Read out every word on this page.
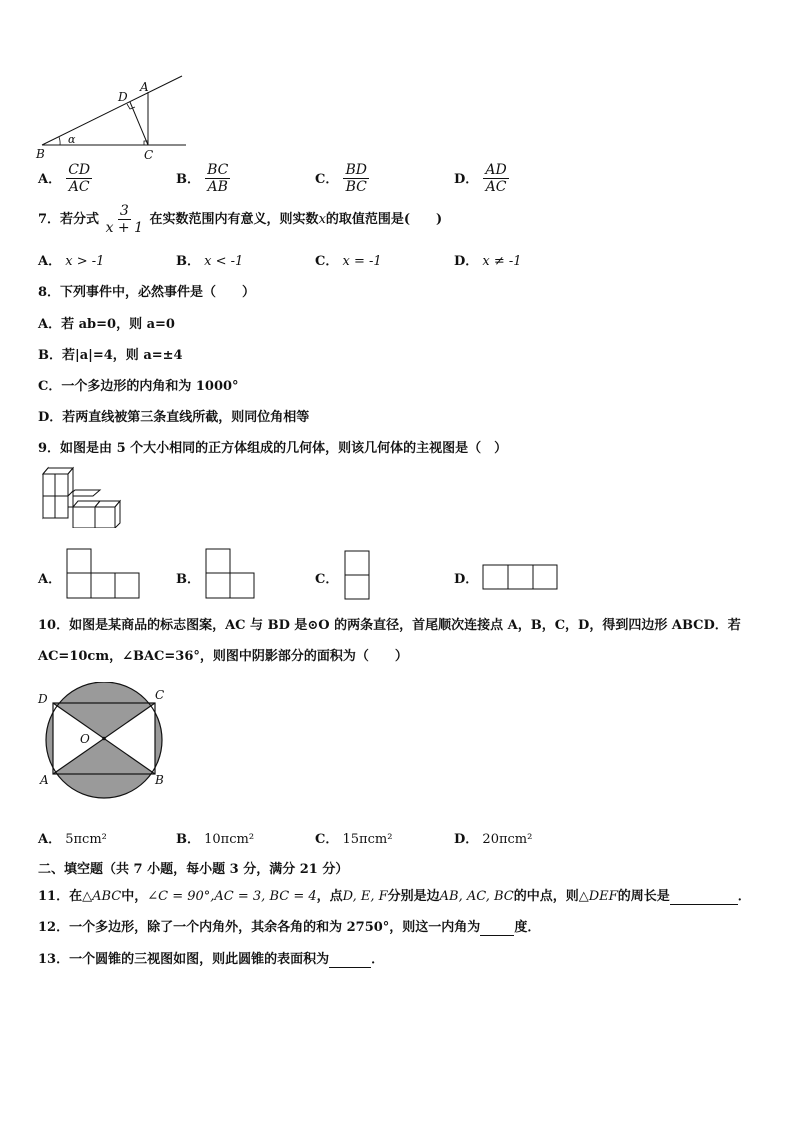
B	C
D
A
α
A． $\frac{CD}{AC}$	B． $\frac{BC}{AB}$	C． $\frac{BD}{BC}$	D． $\frac{AD}{AC}$
7．若分式 $\frac{3}{x + 1}$ 在实数范围内有意义，则实数x的取值范围是(　　)
A． x > -1	B． x < -1	C． x = -1	D． x ≠ -1
8．下列事件中，必然事件是（　　）
A．若 ab=0，则 a=0
B．若|a|=4，则 a=±4
C．一个多边形的内角和为 1000°
D．若两直线被第三条直线所截，则同位角相等
9．如图是由 5 个大小相同的正方体组成的几何体，则该几何体的主视图是（　）
A．	B．	C．	D．
10．如图是某商品的标志图案，AC 与 BD 是⊙O 的两条直径，首尾顺次连接点 A，B，C，D，得到四边形 ABCD．若
AC=10cm，∠BAC=36°，则图中阴影部分的面积为（　　）
D	C
A	B
O
A． 5πcm²	B． 10πcm²	C． 15πcm²	D． 20πcm²
二、填空题（共 7 小题，每小题 3 分，满分 21 分）
11．在△ABC中，∠C = 90°,AC = 3, BC = 4，点D, E, F分别是边AB, AC, BC的中点，则△DEF的周长是	．
12．一个多边形，除了一个内角外，其余各角的和为 2750°，则这一内角为	度．
13．一个圆锥的三视图如图，则此圆锥的表面积为	．
